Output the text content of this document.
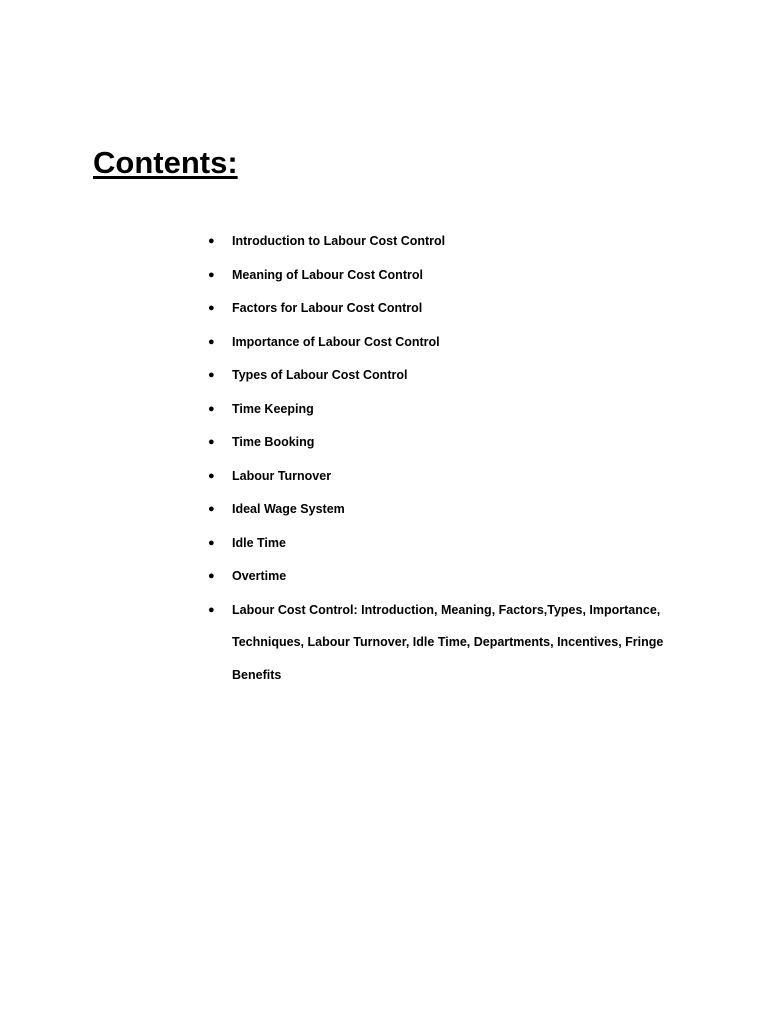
Contents:
● Introduction to Labour Cost Control
● Meaning of Labour Cost Control
● Factors for Labour Cost Control
● Importance of Labour Cost Control
● Types of Labour Cost Control
● Time Keeping
● Time Booking
● Labour Turnover
● Ideal Wage System
● Idle Time
● Overtime
● Labour Cost Control: Introduction, Meaning, Factors,Types, Importance, Techniques, Labour Turnover, Idle Time, Departments, Incentives, Fringe Benefits
